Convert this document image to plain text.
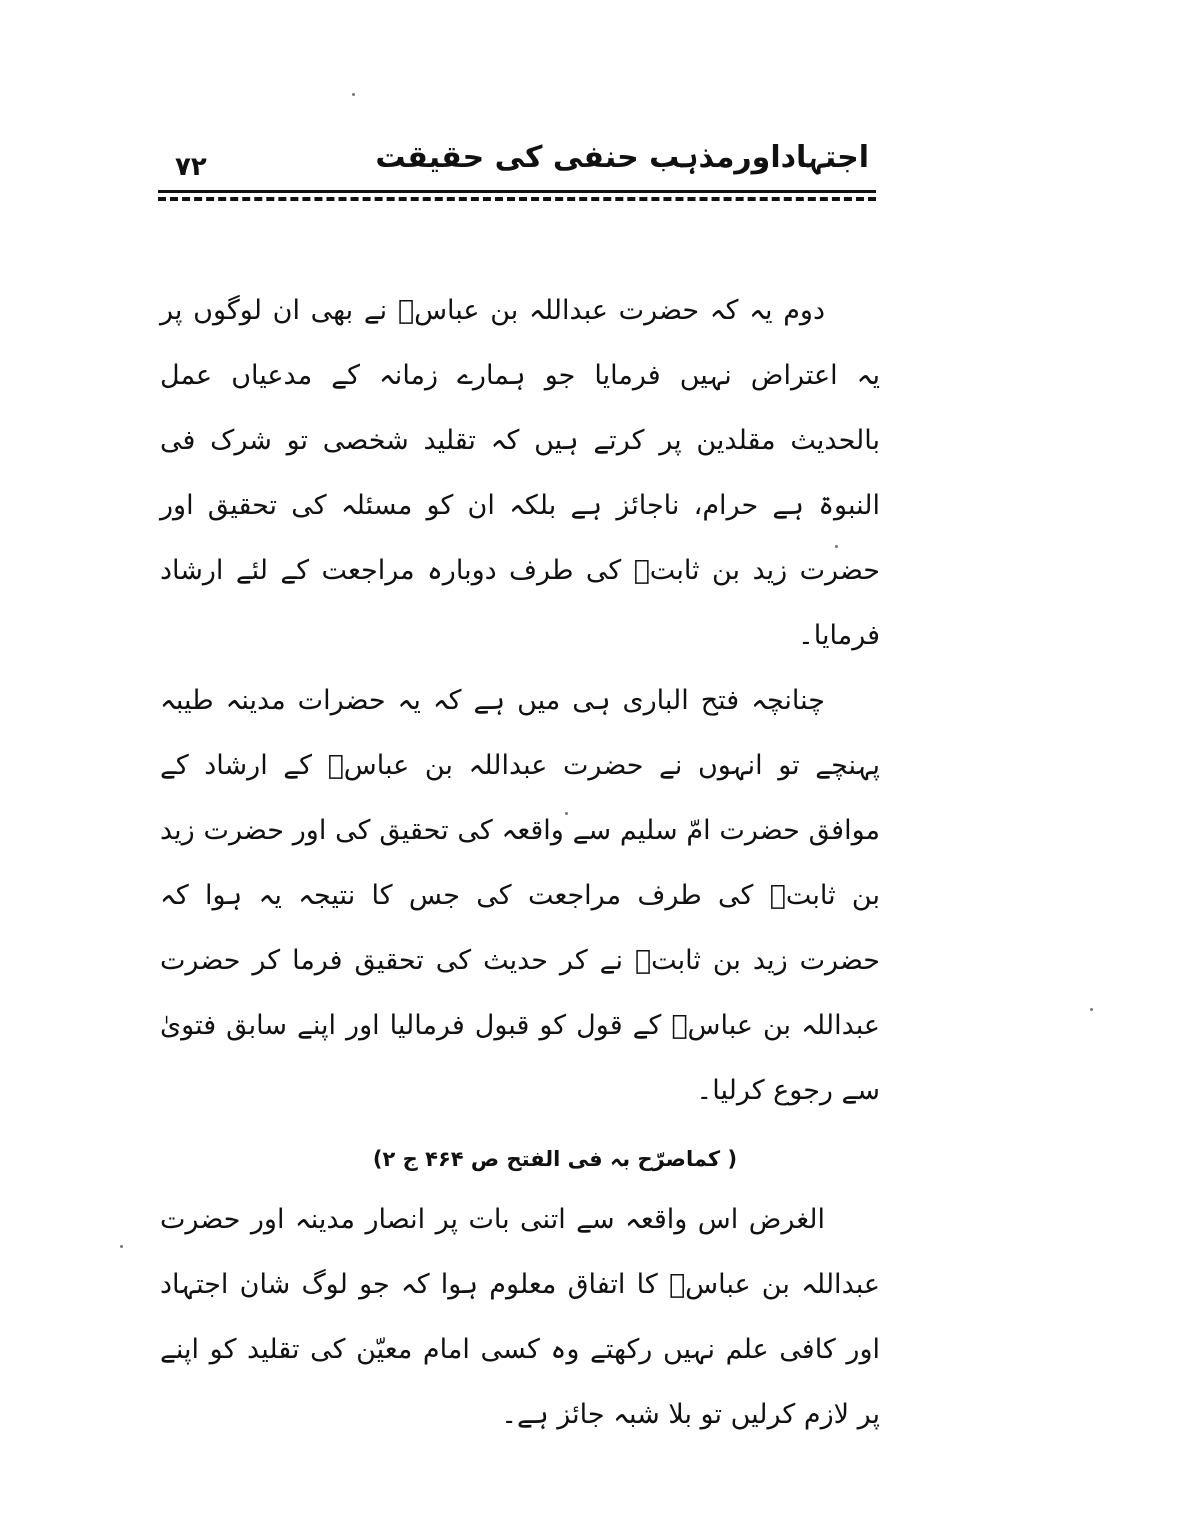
اجتہاداورمذہب حنفی کی حقیقت
۷۲

دوم یہ کہ حضرت عبداللہ بن عباسؓ نے بھی ان لوگوں پر یہ اعتراض نہیں فرمایا جو ہمارے زمانہ کے مدعیاں عمل بالحدیث مقلدین پر کرتے ہیں کہ تقلید شخصی تو شرک فی النبوۃ ہے حرام، ناجائز ہے بلکہ ان کو مسئلہ کی تحقیق اور حضرت زید بن ثابتؓ کی طرف دوبارہ مراجعت کے لئے ارشاد فرمایا۔

چنانچہ فتح الباری ہی میں ہے کہ یہ حضرات مدینہ طیبہ پہنچے تو انہوں نے حضرت عبداللہ بن عباسؓ کے ارشاد کے موافق حضرت امّ سلیم سے واقعہ کی تحقیق کی اور حضرت زید بن ثابتؓ کی طرف مراجعت کی جس کا نتیجہ یہ ہوا کہ حضرت زید بن ثابتؓ نے کر حدیث کی تحقیق فرما کر حضرت عبداللہ بن عباسؓ کے قول کو قبول فرمالیا اور اپنے سابق فتویٰ سے رجوع کرلیا۔

( کماصرّح بہ فی الفتح ص ۴۶۴ ج ۲)

الغرض اس واقعہ سے اتنی بات پر انصار مدینہ اور حضرت عبداللہ بن عباسؓ کا اتفاق معلوم ہوا کہ جو لوگ شان اجتہاد اور کافی علم نہیں رکھتے وہ کسی امام معیّن کی تقلید کو اپنے پر لازم کرلیں تو بلا شبہ جائز ہے۔
